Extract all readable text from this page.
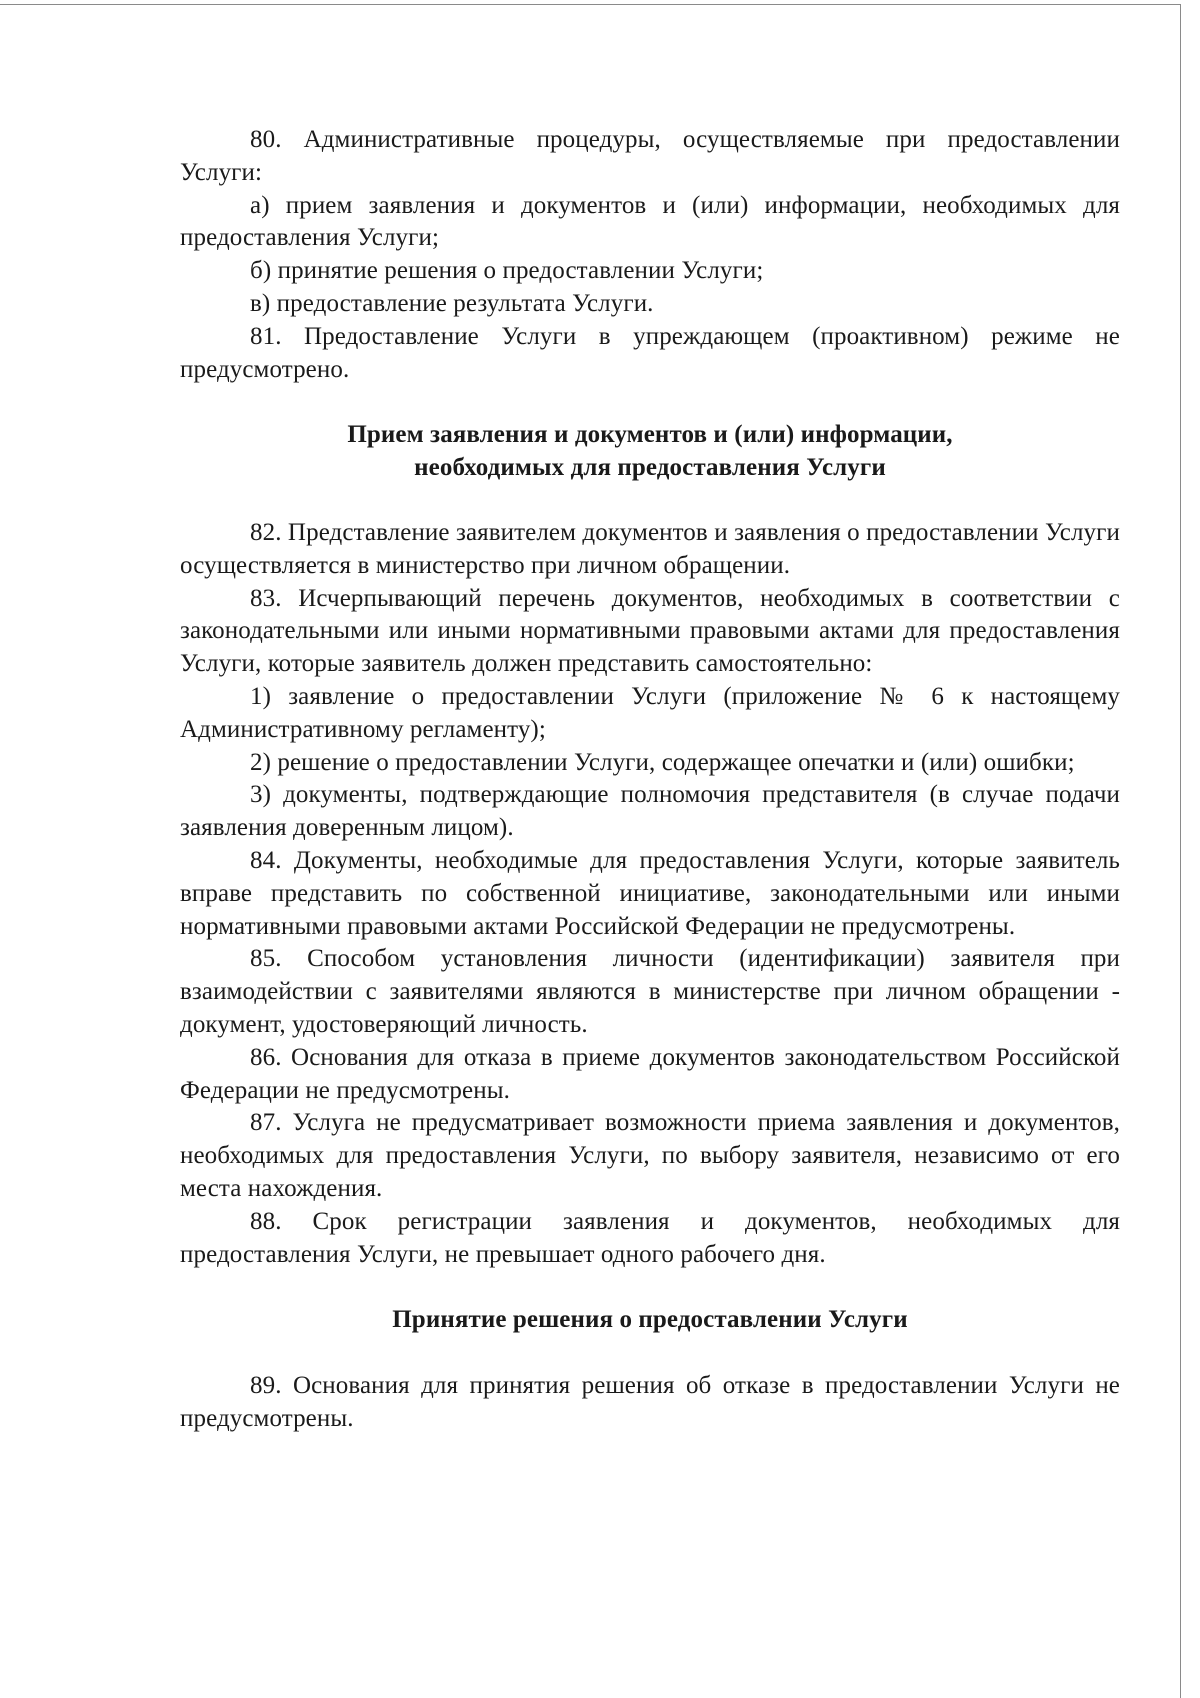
80. Административные процедуры, осуществляемые при предоставлении Услуги:

а) прием заявления и документов и (или) информации, необходимых для предоставления Услуги;

б) принятие решения о предоставлении Услуги;

в) предоставление результата Услуги.

81. Предоставление Услуги в упреждающем (проактивном) режиме не предусмотрено.

Прием заявления и документов и (или) информации,

необходимых для предоставления Услуги

82. Представление заявителем документов и заявления о предоставлении Услуги осуществляется в министерство при личном обращении.

83. Исчерпывающий перечень документов, необходимых в соответствии с законодательными или иными нормативными правовыми актами для предоставления Услуги, которые заявитель должен представить самостоятельно:

1) заявление о предоставлении Услуги (приложение № 6 к настоящему Административному регламенту);

2) решение о предоставлении Услуги, содержащее опечатки и (или) ошибки;

3) документы, подтверждающие полномочия представителя (в случае подачи заявления доверенным лицом).

84. Документы, необходимые для предоставления Услуги, которые заявитель вправе представить по собственной инициативе, законодательными или иными нормативными правовыми актами Российской Федерации не предусмотрены.

85. Способом установления личности (идентификации) заявителя при взаимодействии с заявителями являются в министерстве при личном обращении - документ, удостоверяющий личность.

86. Основания для отказа в приеме документов законодательством Российской Федерации не предусмотрены.

87. Услуга не предусматривает возможности приема заявления и документов, необходимых для предоставления Услуги, по выбору заявителя, независимо от его места нахождения.

88. Срок регистрации заявления и документов, необходимых для предоставления Услуги, не превышает одного рабочего дня.

Принятие решения о предоставлении Услуги

89. Основания для принятия решения об отказе в предоставлении Услуги не предусмотрены.
